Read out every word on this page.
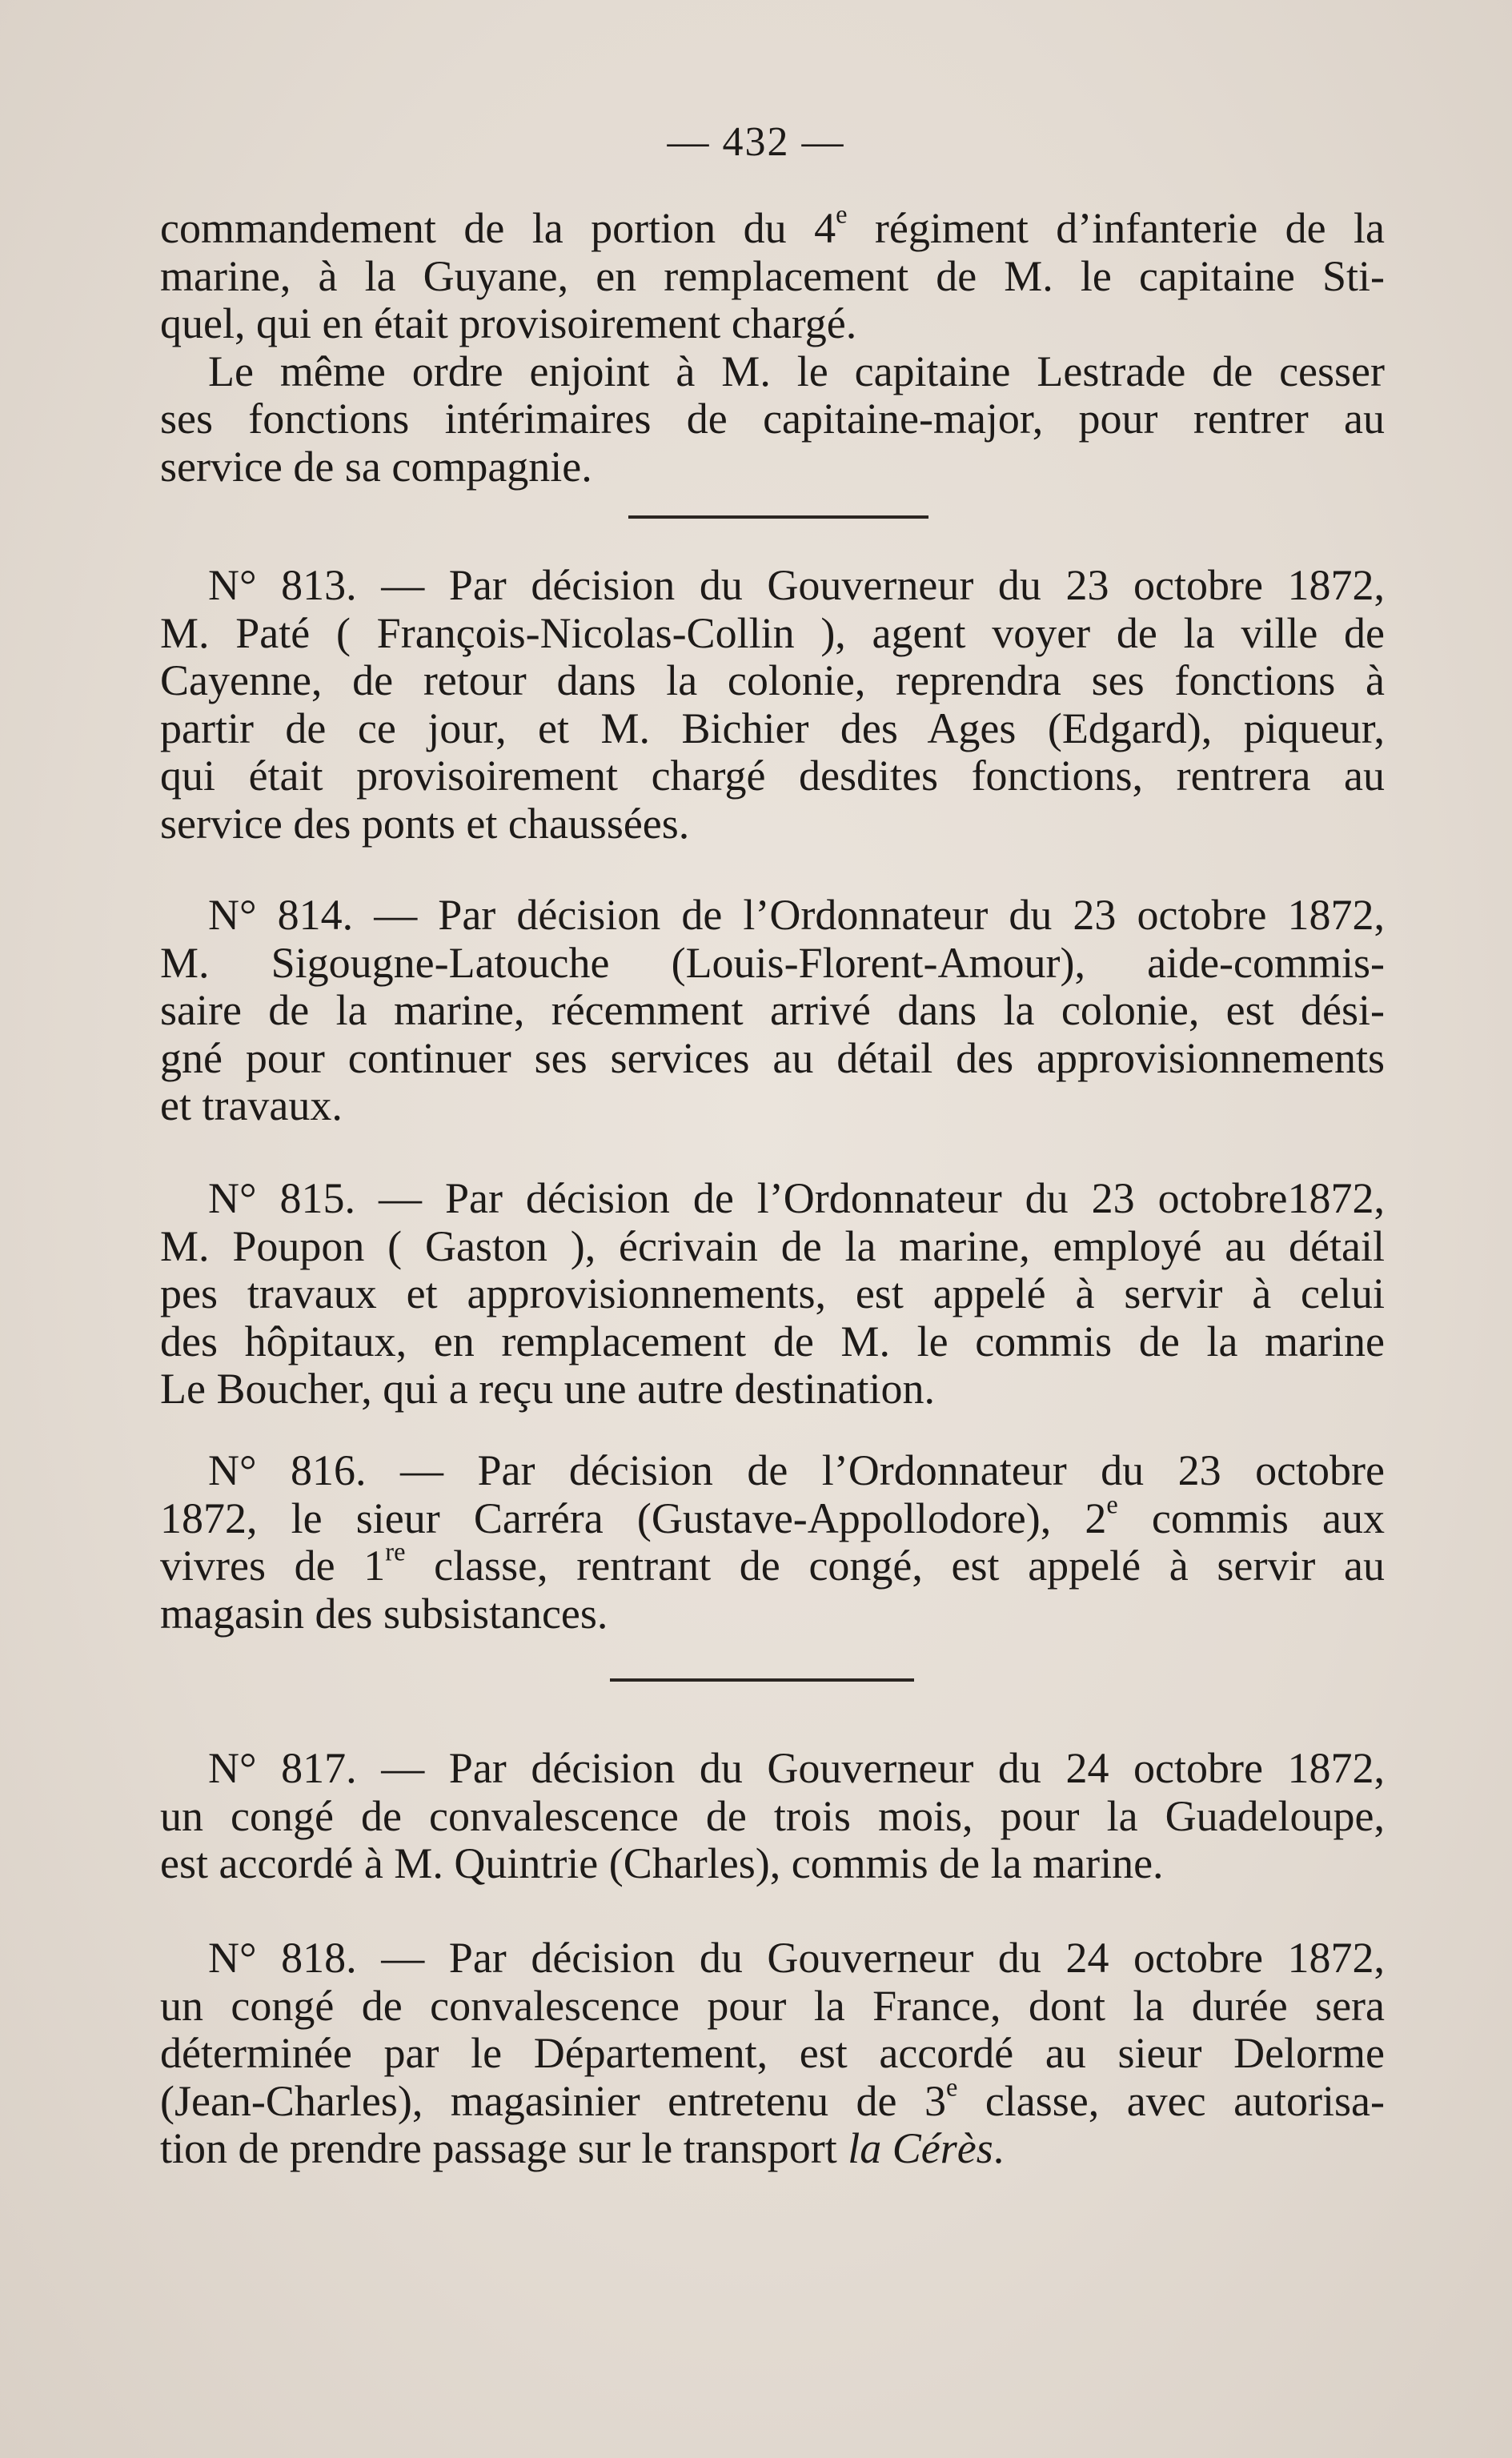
— 432 —
commandement de la portion du 4e régiment d’infanterie de la
marine, à la Guyane, en remplacement de M. le capitaine Sti-
quel, qui en était provisoirement chargé.
Le même ordre enjoint à M. le capitaine Lestrade de cesser
ses fonctions intérimaires de capitaine-major, pour rentrer au
service de sa compagnie.
N° 813. — Par décision du Gouverneur du 23 octobre 1872,
M. Paté ( François-Nicolas-Collin ), agent voyer de la ville de
Cayenne, de retour dans la colonie, reprendra ses fonctions à
partir de ce jour, et M. Bichier des Ages (Edgard), piqueur,
qui était provisoirement chargé desdites fonctions, rentrera au
service des ponts et chaussées.
N° 814. — Par décision de l’Ordonnateur du 23 octobre 1872,
M. Sigougne-Latouche (Louis-Florent-Amour), aide-commis-
saire de la marine, récemment arrivé dans la colonie, est dési-
gné pour continuer ses services au détail des approvisionnements
et travaux.
N° 815. — Par décision de l’Ordonnateur du 23 octobre1872,
M. Poupon ( Gaston ), écrivain de la marine, employé au détail
pes travaux et approvisionnements, est appelé à servir à celui
des hôpitaux, en remplacement de M. le commis de la marine
Le Boucher, qui a reçu une autre destination.
N° 816. — Par décision de l’Ordonnateur du 23 octobre
1872, le sieur Carréra (Gustave-Appollodore), 2e commis aux
vivres de 1re classe, rentrant de congé, est appelé à servir au
magasin des subsistances.
N° 817. — Par décision du Gouverneur du 24 octobre 1872,
un congé de convalescence de trois mois, pour la Guadeloupe,
est accordé à M. Quintrie (Charles), commis de la marine.
N° 818. — Par décision du Gouverneur du 24 octobre 1872,
un congé de convalescence pour la France, dont la durée sera
déterminée par le Département, est accordé au sieur Delorme
(Jean-Charles), magasinier entretenu de 3e classe, avec autorisa-
tion de prendre passage sur le transport la Cérès.
